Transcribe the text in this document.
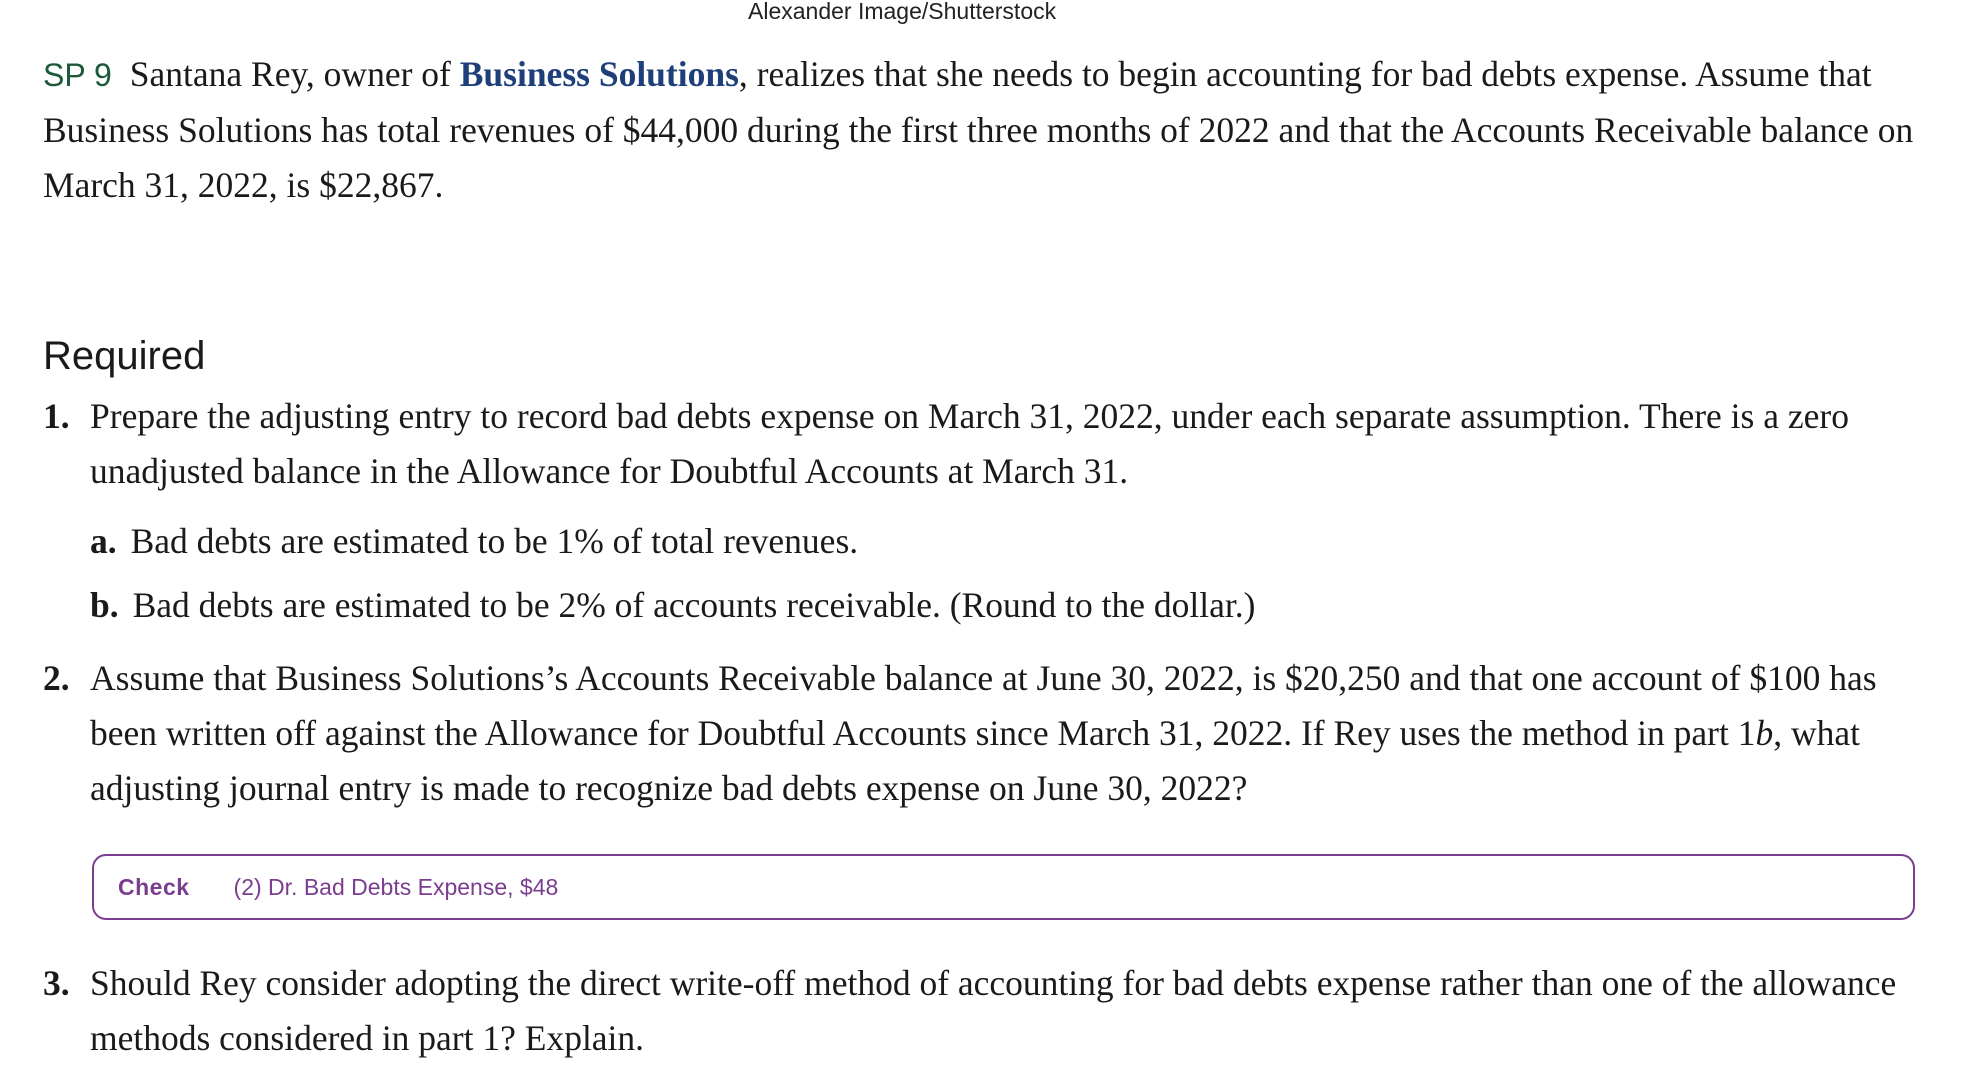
Alexander Image/Shutterstock
SP 9 Santana Rey, owner of Business Solutions, realizes that she needs to begin accounting for bad debts expense. Assume that Business Solutions has total revenues of $44,000 during the first three months of 2022 and that the Accounts Receivable balance on March 31, 2022, is $22,867.
Required
1. Prepare the adjusting entry to record bad debts expense on March 31, 2022, under each separate assumption. There is a zero unadjusted balance in the Allowance for Doubtful Accounts at March 31.
a. Bad debts are estimated to be 1% of total revenues.
b. Bad debts are estimated to be 2% of accounts receivable. (Round to the dollar.)
2. Assume that Business Solutions’s Accounts Receivable balance at June 30, 2022, is $20,250 and that one account of $100 has been written off against the Allowance for Doubtful Accounts since March 31, 2022. If Rey uses the method in part 1b, what adjusting journal entry is made to recognize bad debts expense on June 30, 2022?
Check (2) Dr. Bad Debts Expense, $48
3. Should Rey consider adopting the direct write-off method of accounting for bad debts expense rather than one of the allowance methods considered in part 1? Explain.
